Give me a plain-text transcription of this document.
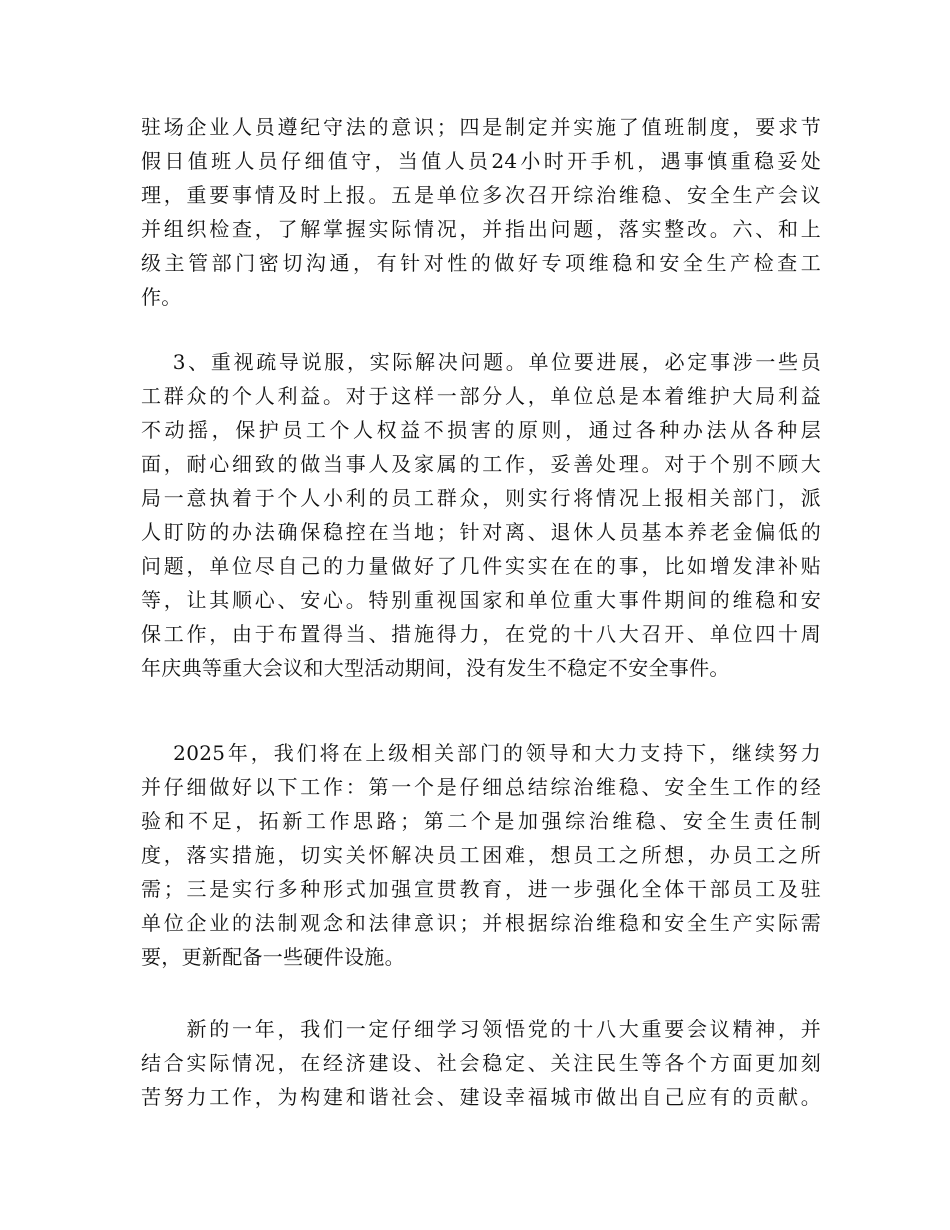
驻场企业人员遵纪守法的意识；四是制定并实施了值班制度，要求节
假日值班人员仔细值守，当值人员24小时开手机，遇事慎重稳妥处
理，重要事情及时上报。五是单位多次召开综治维稳、安全生产会议
并组织检查，了解掌握实际情况，并指出问题，落实整改。六、和上
级主管部门密切沟通，有针对性的做好专项维稳和安全生产检查工
作。
　 3、重视疏导说服，实际解决问题。单位要进展，必定事涉一些员
工群众的个人利益。对于这样一部分人，单位总是本着维护大局利益
不动摇，保护员工个人权益不损害的原则，通过各种办法从各种层
面，耐心细致的做当事人及家属的工作，妥善处理。对于个别不顾大
局一意执着于个人小利的员工群众，则实行将情况上报相关部门，派
人盯防的办法确保稳控在当地；针对离、退休人员基本养老金偏低的
问题，单位尽自己的力量做好了几件实实在在的事，比如增发津补贴
等，让其顺心、安心。特别重视国家和单位重大事件期间的维稳和安
保工作，由于布置得当、措施得力，在党的十八大召开、单位四十周
年庆典等重大会议和大型活动期间，没有发生不稳定不安全事件。
　 2025年，我们将在上级相关部门的领导和大力支持下，继续努力
并仔细做好以下工作：第一个是仔细总结综治维稳、安全生工作的经
验和不足，拓新工作思路；第二个是加强综治维稳、安全生责任制
度，落实措施，切实关怀解决员工困难，想员工之所想，办员工之所
需；三是实行多种形式加强宣贯教育，进一步强化全体干部员工及驻
单位企业的法制观念和法律意识；并根据综治维稳和安全生产实际需
要，更新配备一些硬件设施。
　　新的一年，我们一定仔细学习领悟党的十八大重要会议精神，并
结合实际情况，在经济建设、社会稳定、关注民生等各个方面更加刻
苦努力工作，为构建和谐社会、建设幸福城市做出自己应有的贡献。
